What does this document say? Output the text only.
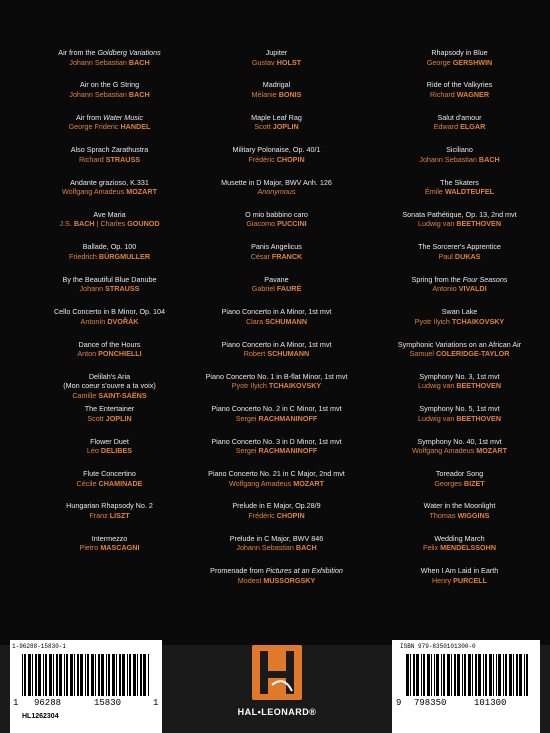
Air from the Goldberg Variations
Johann Sebastian BACH
Air on the G String
Johann Sebastian BACH
Air from Water Music
George Frideric HANDEL
Also Sprach Zarathustra
Richard STRAUSS
Andante grazioso, K.331
Wolfgang Amadeus MOZART
Ave Maria
J.S. BACH | Charles GOUNOD
Ballade, Op. 100
Friedrich BÜRGMULLER
By the Beautiful Blue Danube
Johann STRAUSS
Cello Concerto in B Minor, Op. 104
Antonín DVOŘÁK
Dance of the Hours
Anton PONCHIELLI
Delilah's Aria
(Mon coeur s'ouvre a ta voix)
Camille SAINT-SAËNS
The Entertainer
Scott JOPLIN
Flower Duet
Léo DELIBES
Flute Concertino
Cécile CHAMINADE
Hungarian Rhapsody No. 2
Franz LISZT
Intermezzo
Pietro MASCAGNI
Jupiter
Gustav HOLST
Madrigal
Mélanie BONIS
Maple Leaf Rag
Scott JOPLIN
Military Polonaise, Op. 40/1
Frédéric CHOPIN
Musette in D Major, BWV Anh. 126
Anonymous
O mio babbino caro
Giacomo PUCCINI
Panis Angelicus
César FRANCK
Pavane
Gabriel FAURÉ
Piano Concerto in A Minor, 1st mvt
Clara SCHUMANN
Piano Concerto in A Minor, 1st mvt
Robert SCHUMANN
Piano Concerto No. 1 in B-flat Minor, 1st mvt
Pyotr Ilyich TCHAIKOVSKY
Piano Concerto No. 2 in C Minor, 1st mvt
Sergei RACHMANINOFF
Piano Concerto No. 3 in D Minor, 1st mvt
Sergei RACHMANINOFF
Piano Concerto No. 21 in C Major, 2nd mvt
Wolfgang Amadeus MOZART
Prelude in E Major, Op.28/9
Frédéric CHOPIN
Prelude in C Major, BWV 846
Johann Sebastian BACH
Promenade from Pictures at an Exhibition
Modest MUSSORGSKY
Rhapsody in Blue
George GERSHWIN
Ride of the Valkyries
Richard WAGNER
Salut d'amour
Edward ELGAR
Siciliano
Johann Sebastian BACH
The Skaters
Émile WALDTEUFEL
Sonata Pathétique, Op. 13, 2nd mvt
Ludwig van BEETHOVEN
The Sorcerer's Apprentice
Paul DUKAS
Spring from the Four Seasons
Antonio VIVALDI
Swan Lake
Pyotr Ilyich TCHAIKOVSKY
Symphonic Variations on an African Air
Samuel COLERIDGE-TAYLOR
Symphony No. 3, 1st mvt
Ludwig van BEETHOVEN
Symphony No. 5, 1st mvt
Ludwig van BEETHOVEN
Symphony No. 40, 1st mvt
Wolfgang Amadeus MOZART
Toreador Song
Georges BIZET
Water in the Moonlight
Thomas WIGGINS
Wedding March
Felix MENDELSSOHN
When I Am Laid in Earth
Henry PURCELL
1-96288-15830-1
1 96288	15830	1
HL1262304	HAL•LEONARD®
ISBN 979-8350101300-0
9 798350	101300
